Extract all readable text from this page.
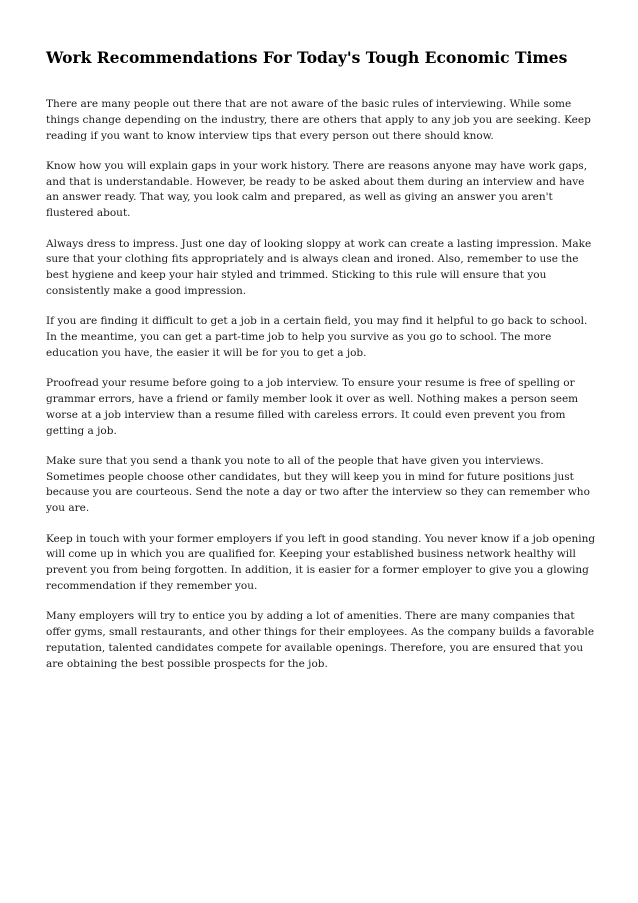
Work Recommendations For Today's Tough Economic Times

There are many people out there that are not aware of the basic rules of interviewing. While some things change depending on the industry, there are others that apply to any job you are seeking. Keep reading if you want to know interview tips that every person out there should know.

Know how you will explain gaps in your work history. There are reasons anyone may have work gaps, and that is understandable. However, be ready to be asked about them during an interview and have an answer ready. That way, you look calm and prepared, as well as giving an answer you aren't flustered about.

Always dress to impress. Just one day of looking sloppy at work can create a lasting impression. Make sure that your clothing fits appropriately and is always clean and ironed. Also, remember to use the best hygiene and keep your hair styled and trimmed. Sticking to this rule will ensure that you consistently make a good impression.

If you are finding it difficult to get a job in a certain field, you may find it helpful to go back to school. In the meantime, you can get a part-time job to help you survive as you go to school. The more education you have, the easier it will be for you to get a job.

Proofread your resume before going to a job interview. To ensure your resume is free of spelling or grammar errors, have a friend or family member look it over as well. Nothing makes a person seem worse at a job interview than a resume filled with careless errors. It could even prevent you from getting a job.

Make sure that you send a thank you note to all of the people that have given you interviews. Sometimes people choose other candidates, but they will keep you in mind for future positions just because you are courteous. Send the note a day or two after the interview so they can remember who you are.

Keep in touch with your former employers if you left in good standing. You never know if a job opening will come up in which you are qualified for. Keeping your established business network healthy will prevent you from being forgotten. In addition, it is easier for a former employer to give you a glowing recommendation if they remember you.

Many employers will try to entice you by adding a lot of amenities. There are many companies that offer gyms, small restaurants, and other things for their employees. As the company builds a favorable reputation, talented candidates compete for available openings. Therefore, you are ensured that you are obtaining the best possible prospects for the job.
